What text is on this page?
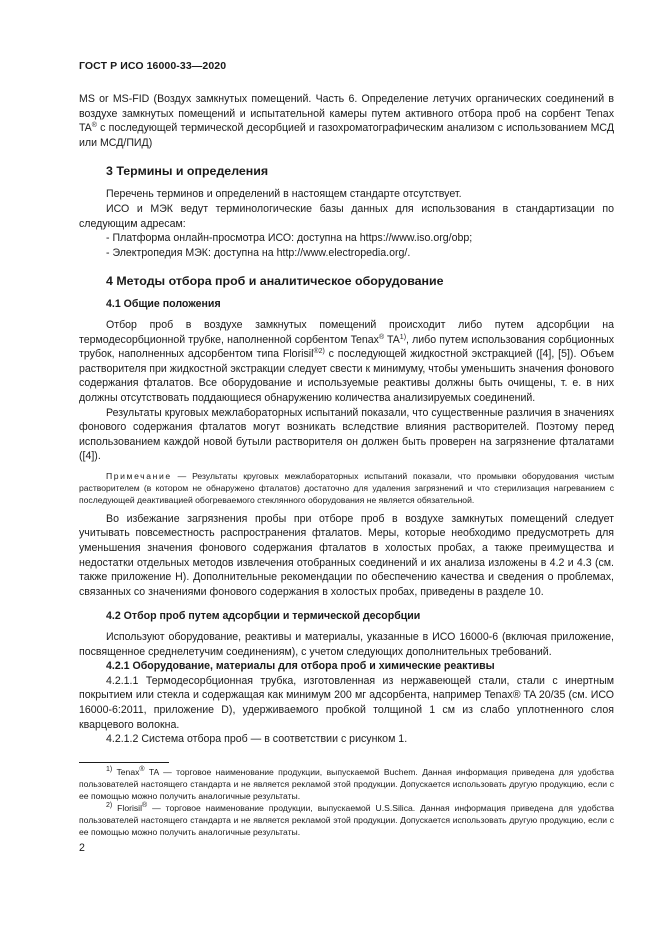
ГОСТ Р ИСО 16000-33—2020

MS or MS-FID (Воздух замкнутых помещений. Часть 6. Определение летучих органических соединений в воздухе замкнутых помещений и испытательной камеры путем активного отбора проб на сорбент Tenax TA® с последующей термической десорбцией и газохроматографическим анализом с использованием МСД или МСД/ПИД)

3 Термины и определения

Перечень терминов и определений в настоящем стандарте отсутствует.

ИСО и МЭК ведут терминологические базы данных для использования в стандартизации по следующим адресам:

- Платформа онлайн-просмотра ИСО: доступна на https://www.iso.org/obp;

- Электропедия МЭК: доступна на http://www.electropedia.org/.

4 Методы отбора проб и аналитическое оборудование
4.1 Общие положения

Отбор проб в воздухе замкнутых помещений происходит либо путем адсорбции на термодесорбционной трубке, наполненной сорбентом Tenax® TA$^{1)}$, либо путем использования сорбционных трубок, наполненных адсорбентом типа Florisil$^{®2)}$ с последующей жидкостной экстракцией ([4], [5]). Объем растворителя при жидкостной экстракции следует свести к минимуму, чтобы уменьшить значения фонового содержания фталатов. Все оборудование и используемые реактивы должны быть очищены, т. е. в них должны отсутствовать поддающиеся обнаружению количества анализируемых соединений.

Результаты круговых межлабораторных испытаний показали, что существенные различия в значениях фонового содержания фталатов могут возникать вследствие влияния растворителей. Поэтому перед использованием каждой новой бутыли растворителя он должен быть проверен на загрязнение фталатами ([4]).

Примечание — Результаты круговых межлабораторных испытаний показали, что промывки оборудования чистым растворителем (в котором не обнаружено фталатов) достаточно для удаления загрязнений и что стерилизация нагреванием с последующей деактивацией обогреваемого стеклянного оборудования не является обязательной.

Во избежание загрязнения пробы при отборе проб в воздухе замкнутых помещений следует учитывать повсеместность распространения фталатов. Меры, которые необходимо предусмотреть для уменьшения значения фонового содержания фталатов в холостых пробах, а также преимущества и недостатки отдельных методов извлечения отобранных соединений и их анализа изложены в 4.2 и 4.3 (см. также приложение Н). Дополнительные рекомендации по обеспечению качества и сведения о проблемах, связанных со значениями фонового содержания в холостых пробах, приведены в разделе 10.

4.2 Отбор проб путем адсорбции и термической десорбции

Используют оборудование, реактивы и материалы, указанные в ИСО 16000-6 (включая приложение, посвященное среднелетучим соединениям), с учетом следующих дополнительных требований.

4.2.1 Оборудование, материалы для отбора проб и химические реактивы

4.2.1.1 Термодесорбционная трубка, изготовленная из нержавеющей стали, стали с инертным покрытием или стекла и содержащая как минимум 200 мг адсорбента, например Tenax® TA 20/35 (см. ИСО 16000-6:2011, приложение D), удерживаемого пробкой толщиной 1 см из слабо уплотненного слоя кварцевого волокна.

4.2.1.2 Система отбора проб — в соответствии с рисунком 1.

$^{1)}$ Tenax® TA — торговое наименование продукции, выпускаемой Buchem. Данная информация приведена для удобства пользователей настоящего стандарта и не является рекламой этой продукции. Допускается использовать другую продукцию, если с ее помощью можно получить аналогичные результаты.

$^{2)}$ Florisil® — торговое наименование продукции, выпускаемой U.S.Silica. Данная информация приведена для удобства пользователей настоящего стандарта и не является рекламой этой продукции. Допускается использовать другую продукцию, если с ее помощью можно получить аналогичные результаты.

2
